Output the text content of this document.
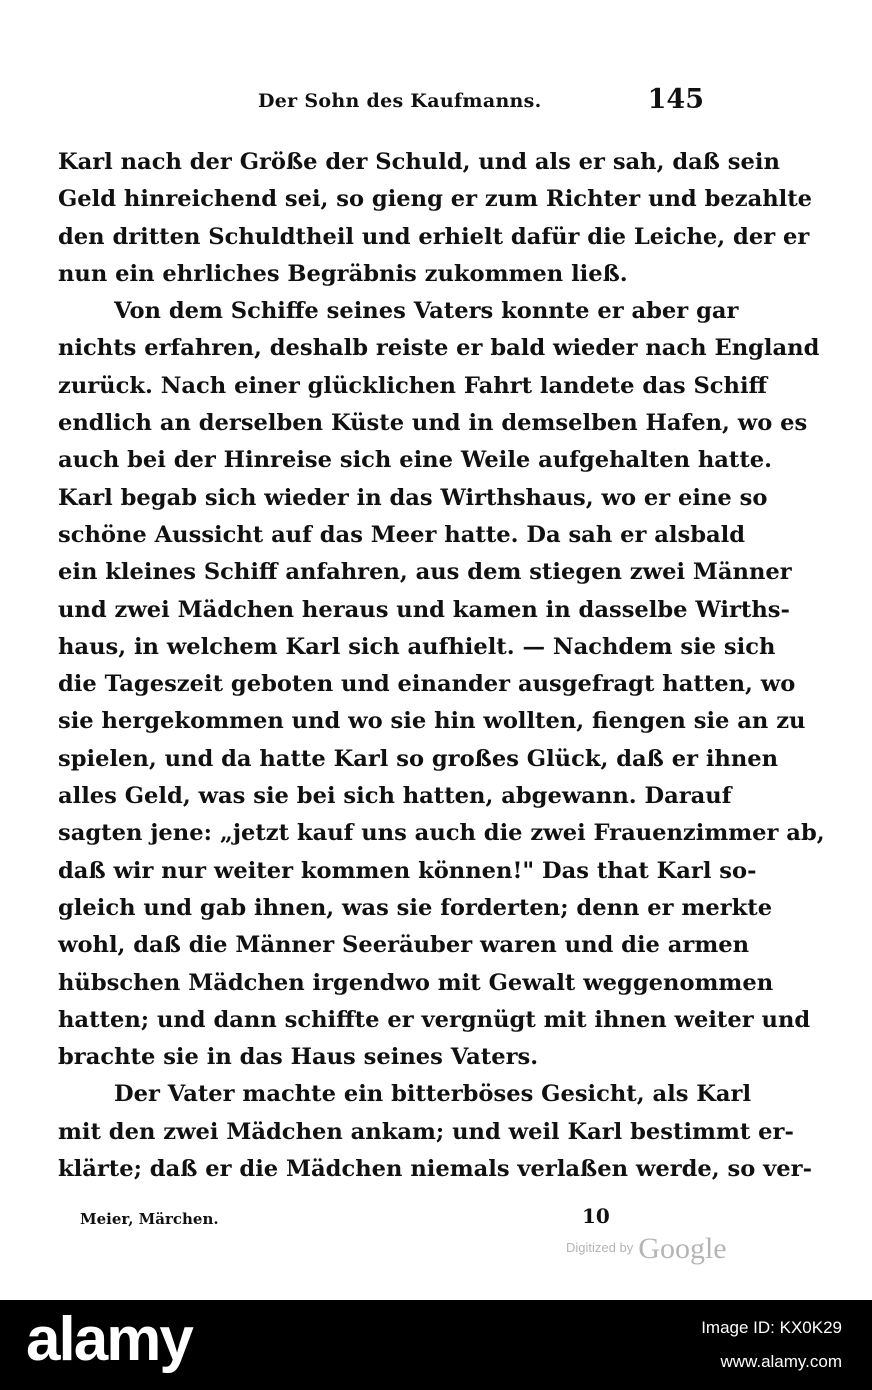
Der Sohn des Kaufmanns.	145
Karl nach der Größe der Schuld, und als er sah, daß sein
Geld hinreichend sei, so gieng er zum Richter und bezahlte
den dritten Schuldtheil und erhielt dafür die Leiche, der er
nun ein ehrliches Begräbnis zukommen ließ.
Von dem Schiffe seines Vaters konnte er aber gar
nichts erfahren, deshalb reiste er bald wieder nach England
zurück. Nach einer glücklichen Fahrt landete das Schiff
endlich an derselben Küste und in demselben Hafen, wo es
auch bei der Hinreise sich eine Weile aufgehalten hatte.
Karl begab sich wieder in das Wirthshaus, wo er eine so
schöne Aussicht auf das Meer hatte. Da sah er alsbald
ein kleines Schiff anfahren, aus dem stiegen zwei Männer
und zwei Mädchen heraus und kamen in dasselbe Wirths-
haus, in welchem Karl sich aufhielt. — Nachdem sie sich
die Tageszeit geboten und einander ausgefragt hatten, wo
sie hergekommen und wo sie hin wollten, fiengen sie an zu
spielen, und da hatte Karl so großes Glück, daß er ihnen
alles Geld, was sie bei sich hatten, abgewann. Darauf
sagten jene: „jetzt kauf uns auch die zwei Frauenzimmer ab,
daß wir nur weiter kommen können!" Das that Karl so-
gleich und gab ihnen, was sie forderten; denn er merkte
wohl, daß die Männer Seeräuber waren und die armen
hübschen Mädchen irgendwo mit Gewalt weggenommen
hatten; und dann schiffte er vergnügt mit ihnen weiter und
brachte sie in das Haus seines Vaters.
Der Vater machte ein bitterböses Gesicht, als Karl
mit den zwei Mädchen ankam; und weil Karl bestimmt er-
klärte; daß er die Mädchen niemals verlaßen werde, so ver-
Meier, Märchen.	10
$^{Digitized by}$ Google
alamy	Image ID: KX0K29
www.alamy.com
